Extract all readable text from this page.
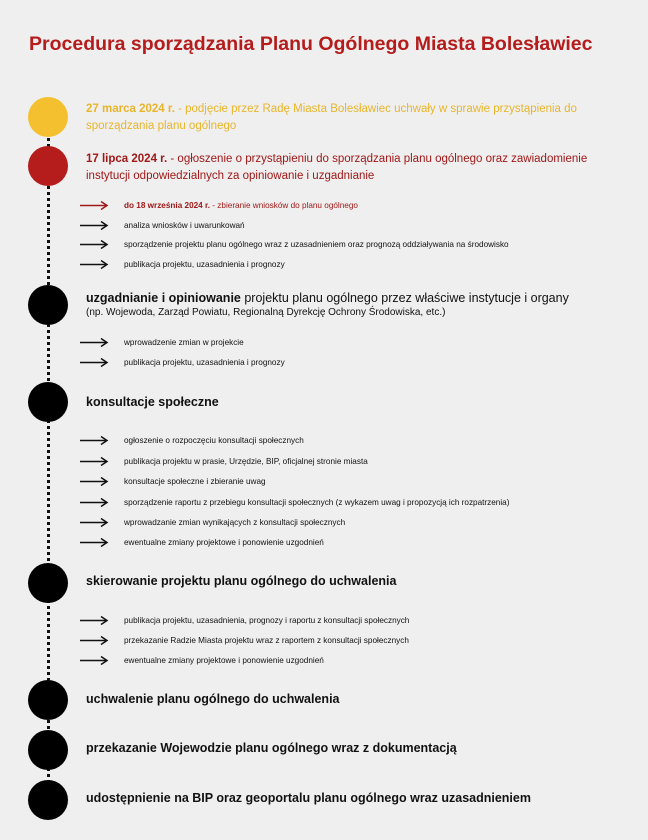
Procedura sporządzania Planu Ogólnego Miasta Bolesławiec
27 marca 2024 r. - podjęcie przez Radę Miasta Bolesławiec uchwały w sprawie przystąpienia do sporządzania planu ogólnego
17 lipca 2024 r. - ogłoszenie o przystąpieniu do sporządzania planu ogólnego oraz zawiadomienie instytucji odpowiedzialnych za opiniowanie i uzgadnianie
do 18 września 2024 r. - zbieranie wniosków do planu ogólnego
analiza wniosków i uwarunkowań
sporządzenie projektu planu ogólnego wraz z uzasadnieniem oraz prognozą oddziaływania na środowisko
publikacja projektu, uzasadnienia i prognozy
uzgadnianie i opiniowanie projektu planu ogólnego przez właściwe instytucje i organy
(np. Wojewoda, Zarząd Powiatu, Regionalną Dyrekcję Ochrony Środowiska, etc.)
wprowadzenie zmian w projekcie
publikacja projektu, uzasadnienia i prognozy
konsultacje społeczne
ogłoszenie o rozpoczęciu konsultacji społecznych
publikacja projektu w prasie, Urzędzie, BIP, oficjalnej stronie miasta
konsultacje społeczne i zbieranie uwag
sporządzenie raportu z przebiegu konsultacji społecznych (z wykazem uwag i propozycją ich rozpatrzenia)
wprowadzanie zmian wynikających z konsultacji społecznych
ewentualne zmiany projektowe i ponowienie uzgodnień
skierowanie projektu planu ogólnego do uchwalenia
publikacja projektu, uzasadnienia, prognozy i raportu z konsultacji społecznych
przekazanie Radzie Miasta projektu wraz z raportem z konsultacji społecznych
ewentualne zmiany projektowe i ponowienie uzgodnień
uchwalenie planu ogólnego do uchwalenia
przekazanie Wojewodzie planu ogólnego wraz z dokumentacją
udostępnienie na BIP oraz geoportalu planu ogólnego wraz uzasadnieniem
